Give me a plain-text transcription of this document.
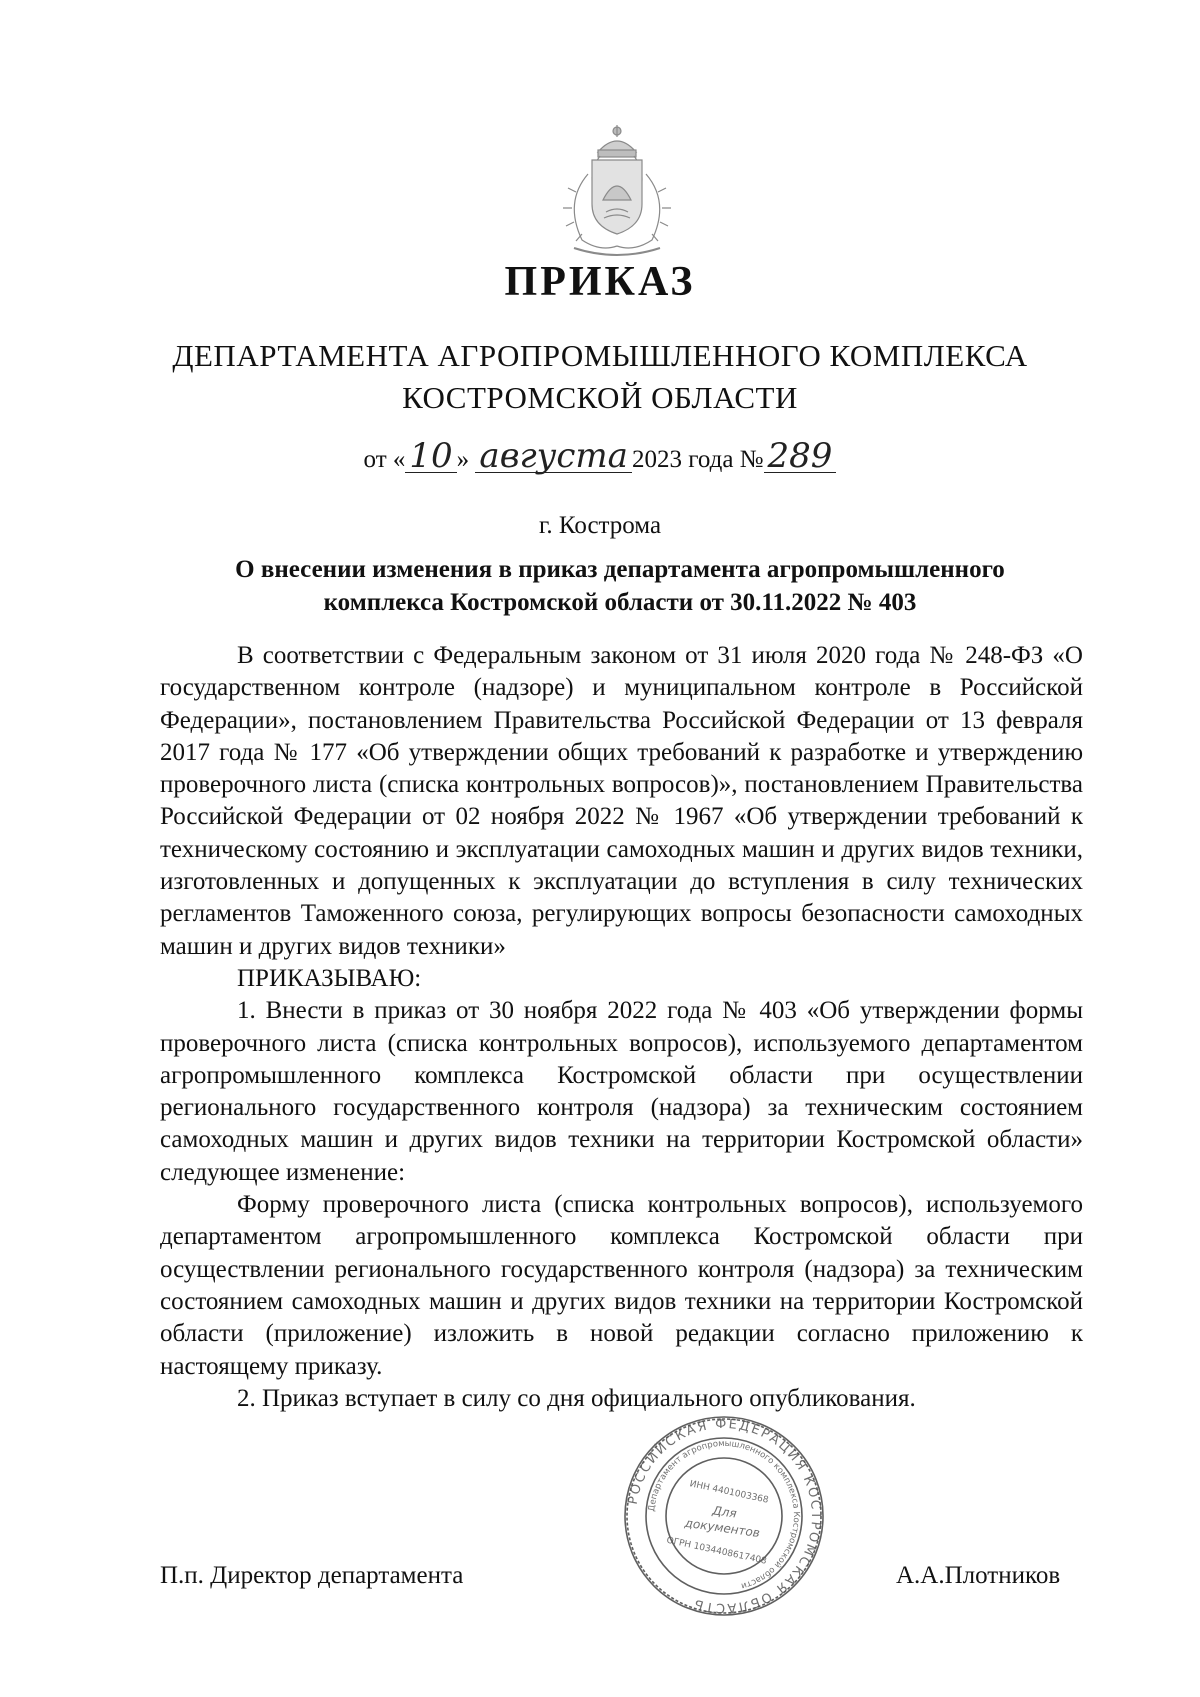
ПРИКАЗ
ДЕПАРТАМЕНТА АГРОПРОМЫШЛЕННОГО КОМПЛЕКСА
КОСТРОМСКОЙ ОБЛАСТИ
от « 10 » августа 2023 года № 289
г. Кострома
О внесении изменения в приказ департамента агропромышленного
комплекса Костромской области от 30.11.2022 № 403

В соответствии с Федеральным законом от 31 июля 2020 года № 248-ФЗ «О государственном контроле (надзоре) и муниципальном контроле в Российской Федерации», постановлением Правительства Российской Федерации от 13 февраля 2017 года № 177 «Об утверждении общих требований к разработке и утверждению проверочного листа (списка контрольных вопросов)», постановлением Правительства Российской Федерации от 02 ноября 2022 № 1967 «Об утверждении требований к техническому состоянию и эксплуатации самоходных машин и других видов техники, изготовленных и допущенных к эксплуатации до вступления в силу технических регламентов Таможенного союза, регулирующих вопросы безопасности самоходных машин и других видов техники»

ПРИКАЗЫВАЮ:

1. Внести в приказ от 30 ноября 2022 года № 403 «Об утверждении формы проверочного листа (списка контрольных вопросов), используемого департаментом агропромышленного комплекса Костромской области при осуществлении регионального государственного контроля (надзора) за техническим состоянием самоходных машин и других видов техники на территории Костромской области» следующее изменение:

Форму проверочного листа (списка контрольных вопросов), используемого департаментом агропромышленного комплекса Костромской области при осуществлении регионального государственного контроля (надзора) за техническим состоянием самоходных машин и других видов техники на территории Костромской области (приложение) изложить в новой редакции согласно приложению к настоящему приказу.

2. Приказ вступает в силу со дня официального опубликования.

П.п. Директор департамента	А.А.Плотников
РОССИЙСКАЯ ФЕДЕРАЦИЯ КОСТРОМСКАЯ ОБЛАСТЬ
Департамент агропромышленного комплекса Костромской области
ИНН 4401003368
Для
документов
ОГРН 1034408617408
